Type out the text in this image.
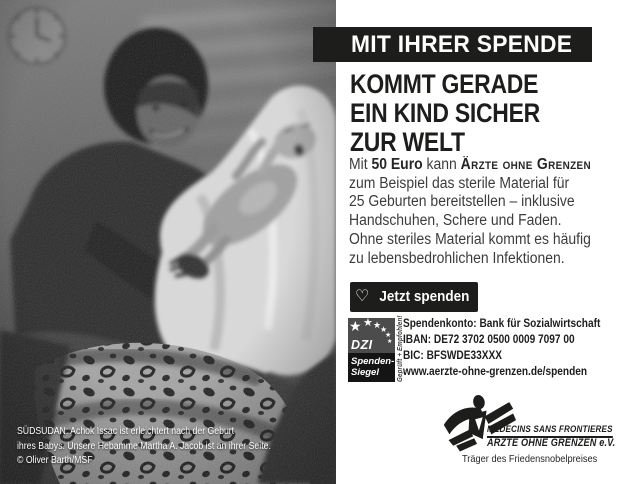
SÜDSUDAN: Achok Issac ist erleichtert nach der Geburt
ihres Babys. Unsere Hebamme Martha A. Jacob ist an ihrer Seite.
© Oliver Barth/MSF
MIT IHRER SPENDE
KOMMT GERADE
EIN KIND SICHER
ZUR WELT
Mit 50 Euro kann Ärzte ohne Grenzen
zum Beispiel das sterile Material für
25 Geburten bereitstellen – inklusive
Handschuhen, Schere und Faden.
Ohne steriles Material kommt es häufig
zu lebensbedrohlichen Infektionen.
♡ Jetzt spenden
★ ★ ★
★
★
★
DZI
Spenden-
Siegel	Geprüft + Empfohlen! Spendenkonto: Bank für Sozialwirtschaft
IBAN: DE72 3702 0500 0009 7097 00
BIC: BFSWDE33XXX
www.aerzte-ohne-grenzen.de/spenden
MEDECINS SANS FRONTIERES
ÄRZTE OHNE GRENZEN e.V.
Träger des Friedensnobelpreises
